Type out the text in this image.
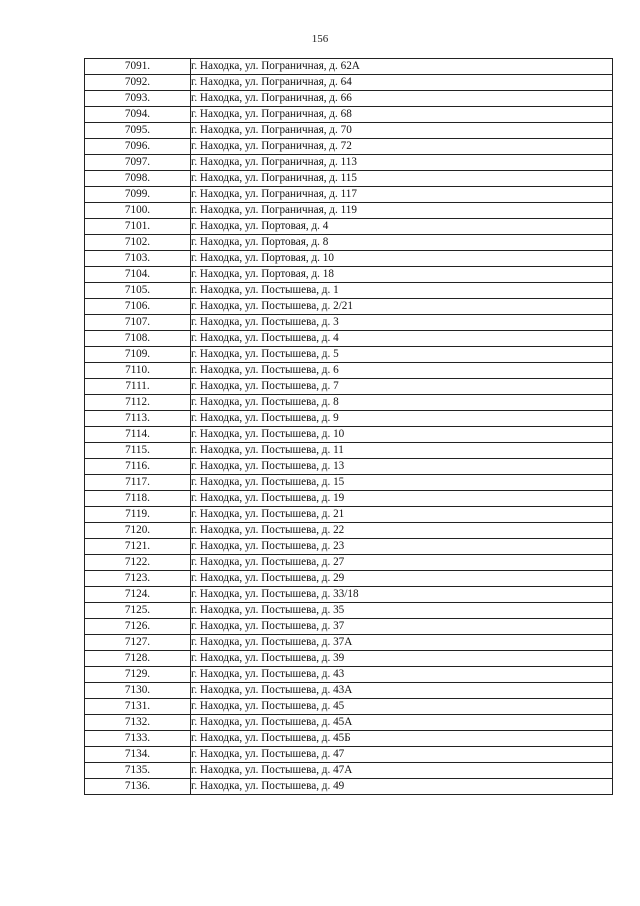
156
7091.	г. Находка, ул. Пограничная, д. 62А
7092.	г. Находка, ул. Пограничная, д. 64
7093.	г. Находка, ул. Пограничная, д. 66
7094.	г. Находка, ул. Пограничная, д. 68
7095.	г. Находка, ул. Пограничная, д. 70
7096.	г. Находка, ул. Пограничная, д. 72
7097.	г. Находка, ул. Пограничная, д. 113
7098.	г. Находка, ул. Пограничная, д. 115
7099.	г. Находка, ул. Пограничная, д. 117
7100.	г. Находка, ул. Пограничная, д. 119
7101.	г. Находка, ул. Портовая, д. 4
7102.	г. Находка, ул. Портовая, д. 8
7103.	г. Находка, ул. Портовая, д. 10
7104.	г. Находка, ул. Портовая, д. 18
7105.	г. Находка, ул. Постышева, д. 1
7106.	г. Находка, ул. Постышева, д. 2/21
7107.	г. Находка, ул. Постышева, д. 3
7108.	г. Находка, ул. Постышева, д. 4
7109.	г. Находка, ул. Постышева, д. 5
7110.	г. Находка, ул. Постышева, д. 6
7111.	г. Находка, ул. Постышева, д. 7
7112.	г. Находка, ул. Постышева, д. 8
7113.	г. Находка, ул. Постышева, д. 9
7114.	г. Находка, ул. Постышева, д. 10
7115.	г. Находка, ул. Постышева, д. 11
7116.	г. Находка, ул. Постышева, д. 13
7117.	г. Находка, ул. Постышева, д. 15
7118.	г. Находка, ул. Постышева, д. 19
7119.	г. Находка, ул. Постышева, д. 21
7120.	г. Находка, ул. Постышева, д. 22
7121.	г. Находка, ул. Постышева, д. 23
7122.	г. Находка, ул. Постышева, д. 27
7123.	г. Находка, ул. Постышева, д. 29
7124.	г. Находка, ул. Постышева, д. 33/18
7125.	г. Находка, ул. Постышева, д. 35
7126.	г. Находка, ул. Постышева, д. 37
7127.	г. Находка, ул. Постышева, д. 37А
7128.	г. Находка, ул. Постышева, д. 39
7129.	г. Находка, ул. Постышева, д. 43
7130.	г. Находка, ул. Постышева, д. 43А
7131.	г. Находка, ул. Постышева, д. 45
7132.	г. Находка, ул. Постышева, д. 45А
7133.	г. Находка, ул. Постышева, д. 45Б
7134.	г. Находка, ул. Постышева, д. 47
7135.	г. Находка, ул. Постышева, д. 47А
7136.	г. Находка, ул. Постышева, д. 49
